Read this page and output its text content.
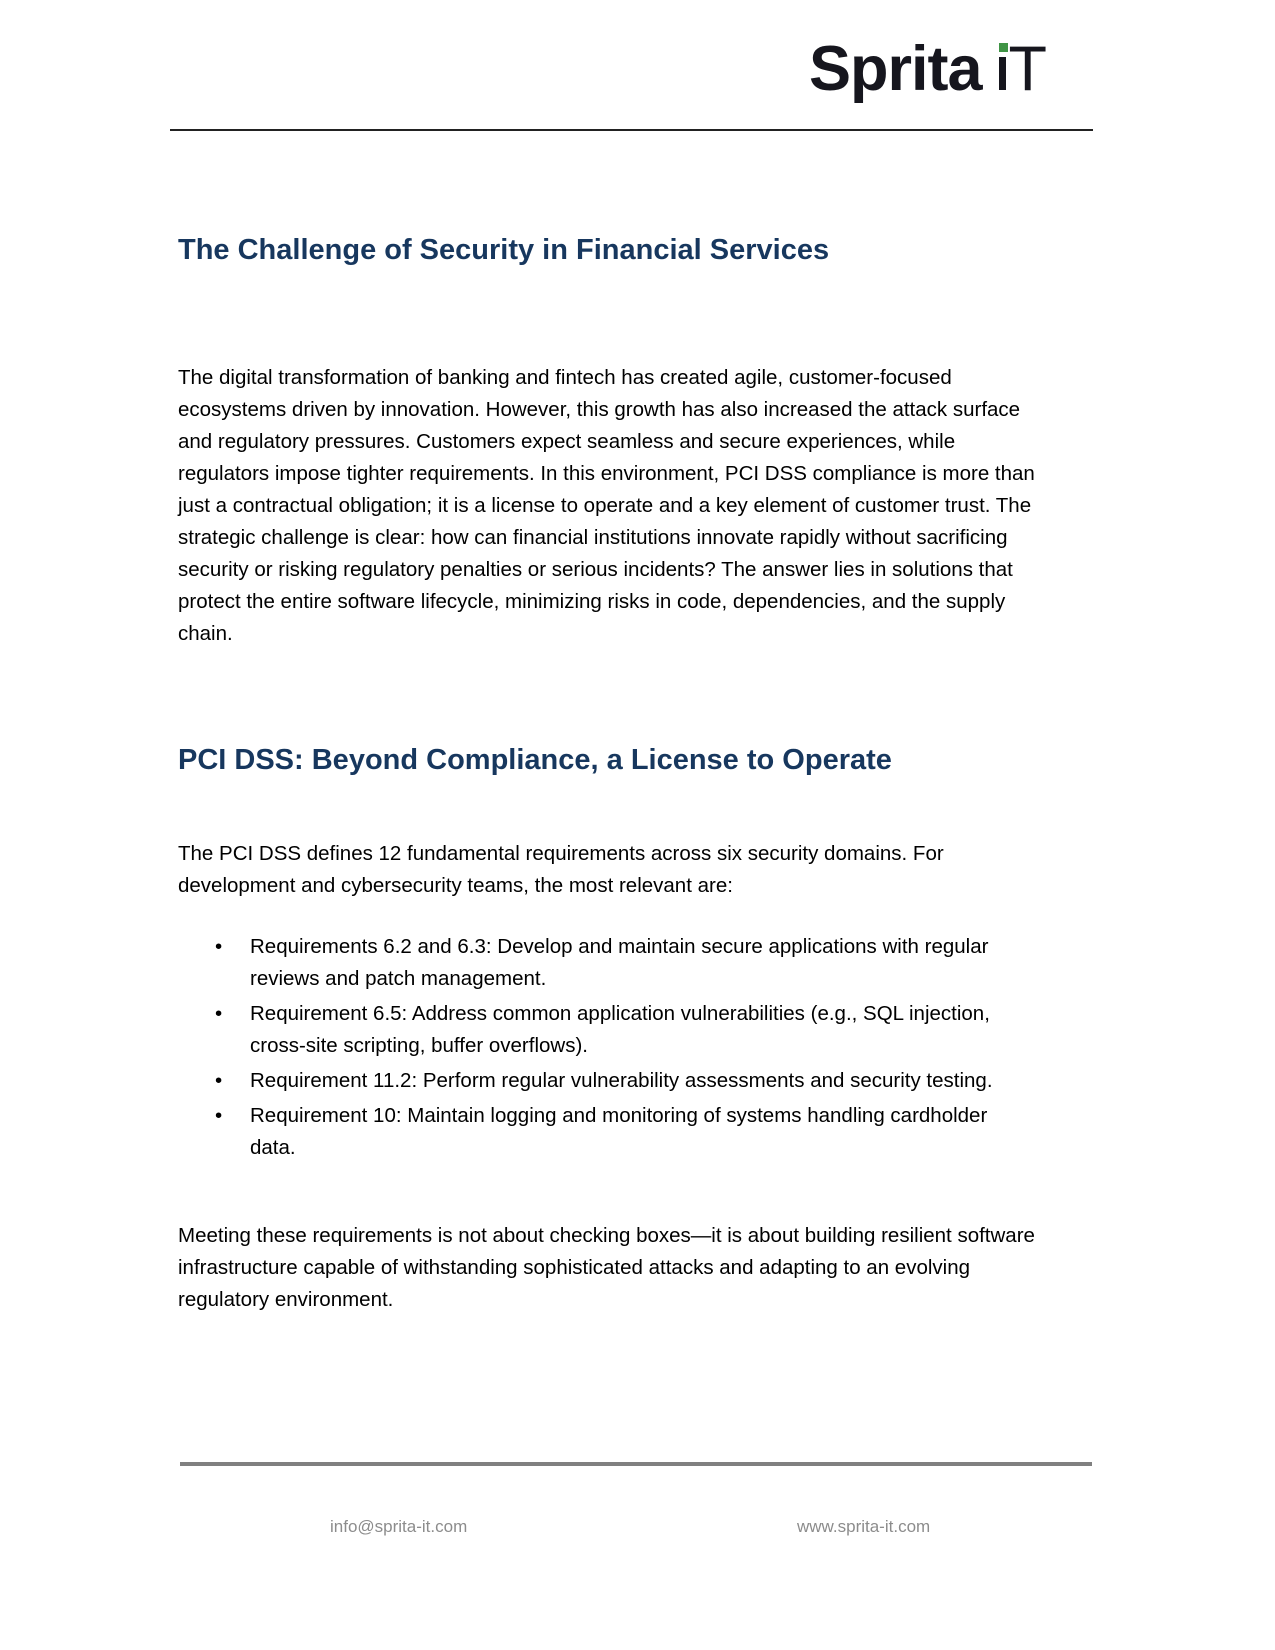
Sprita T
The Challenge of Security in Financial Services

The digital transformation of banking and fintech has created agile, customer-focused ecosystems driven by innovation. However, this growth has also increased the attack surface and regulatory pressures. Customers expect seamless and secure experiences, while regulators impose tighter requirements. In this environment, PCI DSS compliance is more than just a contractual obligation; it is a license to operate and a key element of customer trust. The strategic challenge is clear: how can financial institutions innovate rapidly without sacrificing security or risking regulatory penalties or serious incidents? The answer lies in solutions that protect the entire software lifecycle, minimizing risks in code, dependencies, and the supply chain.

PCI DSS: Beyond Compliance, a License to Operate

The PCI DSS defines 12 fundamental requirements across six security domains. For development and cybersecurity teams, the most relevant are:

• Requirements 6.2 and 6.3: Develop and maintain secure applications with regular reviews and patch management.
• Requirement 6.5: Address common application vulnerabilities (e.g., SQL injection, cross-site scripting, buffer overflows).
• Requirement 11.2: Perform regular vulnerability assessments and security testing.
• Requirement 10: Maintain logging and monitoring of systems handling cardholder data.

Meeting these requirements is not about checking boxes—it is about building resilient software infrastructure capable of withstanding sophisticated attacks and adapting to an evolving regulatory environment.

info@sprita-it.com	www.sprita-it.com
